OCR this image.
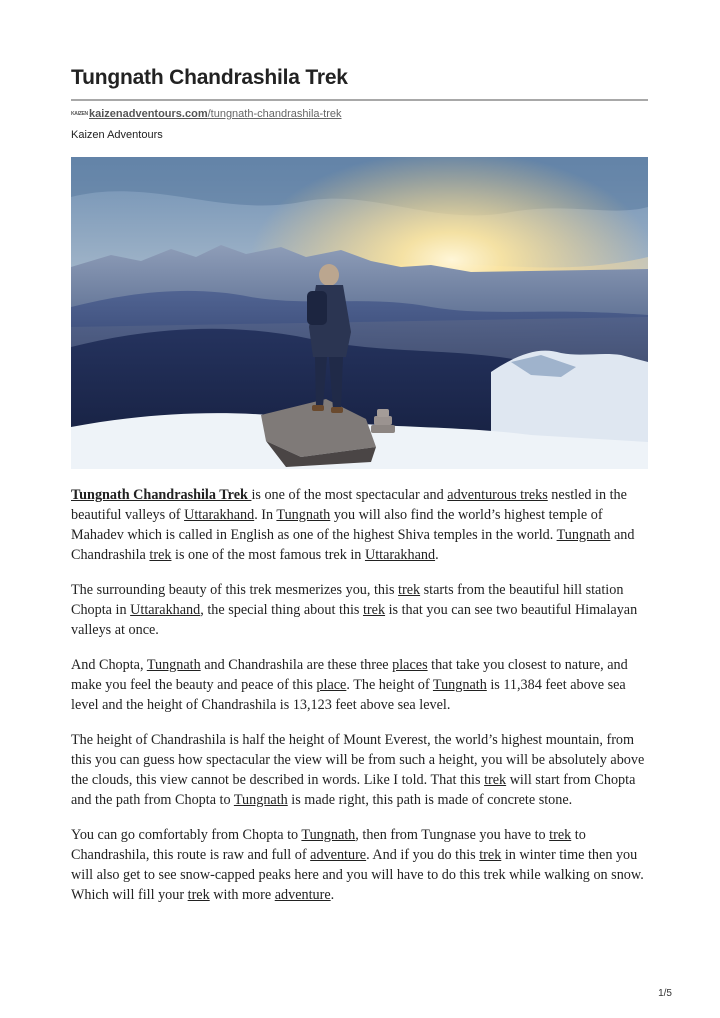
Tungnath Chandrashila Trek
KAIZEN kaizenadventours.com /tungnath-chandrashila-trek
Kaizen Adventours

Tungnath Chandrashila Trek is one of the most spectacular and adventurous treks nestled in the beautiful valleys of Uttarakhand. In Tungnath you will also find the world’s highest temple of Mahadev which is called in English as one of the highest Shiva temples in the world. Tungnath and Chandrashila trek is one of the most famous trek in Uttarakhand.

The surrounding beauty of this trek mesmerizes you, this trek starts from the beautiful hill station Chopta in Uttarakhand, the special thing about this trek is that you can see two beautiful Himalayan valleys at once.

And Chopta, Tungnath and Chandrashila are these three places that take you closest to nature, and make you feel the beauty and peace of this place. The height of Tungnath is 11,384 feet above sea level and the height of Chandrashila is 13,123 feet above sea level.

The height of Chandrashila is half the height of Mount Everest, the world’s highest mountain, from this you can guess how spectacular the view will be from such a height, you will be absolutely above the clouds, this view cannot be described in words. Like I told. That this trek will start from Chopta and the path from Chopta to Tungnath is made right, this path is made of concrete stone.

You can go comfortably from Chopta to Tungnath, then from Tungnase you have to trek to Chandrashila, this route is raw and full of adventure. And if you do this trek in winter time then you will also get to see snow-capped peaks here and you will have to do this trek while walking on snow. Which will fill your trek with more adventure.

1/5
